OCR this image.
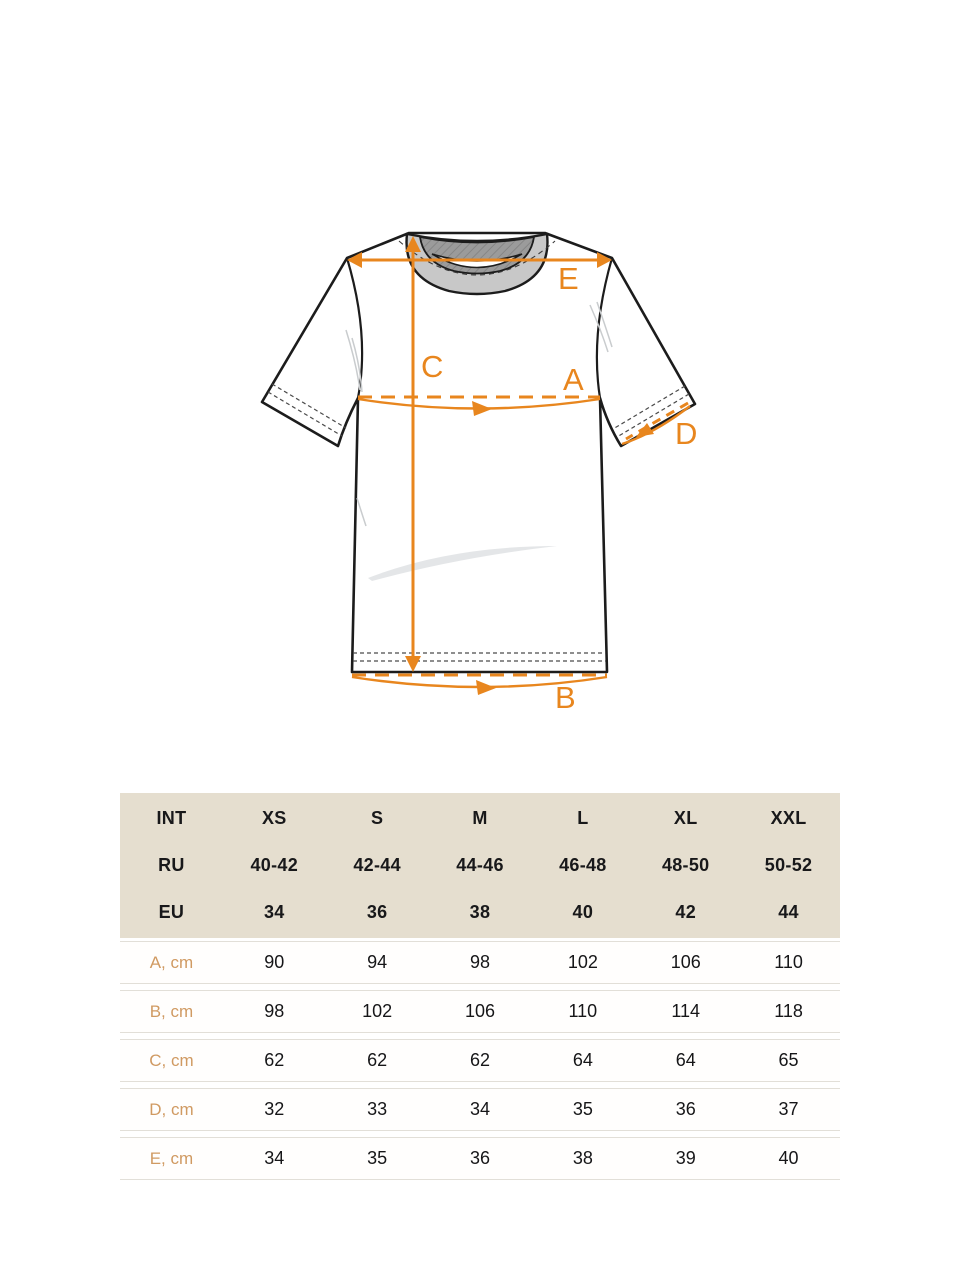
E
C	A
D
B
INT	XS	S	M	L	XL	XXL
RU	40-42	42-44	44-46	46-48	48-50	50-52
EU	34	36	38	40	42	44
A, cm	90	94	98	102	106	110
B, cm	98	102	106	110	114	118
C, cm	62	62	62	64	64	65
D, cm	32	33	34	35	36	37
E, cm	34	35	36	38	39	40
